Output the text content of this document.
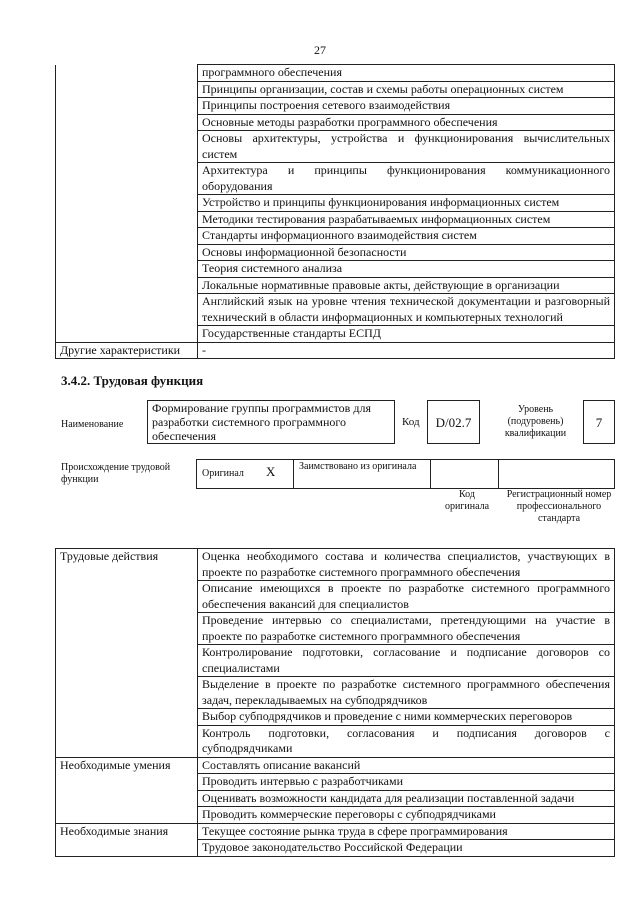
27
	программного обеспечения
	Принципы организации, состав и схемы работы операционных систем
	Принципы построения сетевого взаимодействия
	Основные методы разработки программного обеспечения
	Основы архитектуры, устройства и функционирования вычислительных систем
	Архитектура и принципы функционирования коммуникационного оборудования
	Устройство и принципы функционирования информационных систем
	Методики тестирования разрабатываемых информационных систем
	Стандарты информационного взаимодействия систем
	Основы информационной безопасности
	Теория системного анализа
	Локальные нормативные правовые акты, действующие в организации
	Английский язык на уровне чтения технической документации и разговорный технический в области информационных и компьютерных технологий
	Государственные стандарты ЕСПД
Другие характеристики	-
3.4.2. Трудовая функция
Наименование
Формирование группы программистов для разработки системного программного обеспечения
Код	D/02.7
Уровень (подуровень) квалификации
7
Происхождение трудовой функции
Оригинал X Заимствовано из оригинала
Код оригинала
Регистрационный номер профессионального стандарта
Трудовые действия	Оценка необходимого состава и количества специалистов, участвующих в проекте по разработке системного программного обеспечения
	Описание имеющихся в проекте по разработке системного программного обеспечения вакансий для специалистов
	Проведение интервью со специалистами, претендующими на участие в проекте по разработке системного программного обеспечения
	Контролирование подготовки, согласование и подписание договоров со специалистами
	Выделение в проекте по разработке системного программного обеспечения задач, перекладываемых на субподрядчиков
	Выбор субподрядчиков и проведение с ними коммерческих переговоров
	Контроль подготовки, согласования и подписания договоров с субподрядчиками
Необходимые умения	Составлять описание вакансий
	Проводить интервью с разработчиками
	Оценивать возможности кандидата для реализации поставленной задачи
	Проводить коммерческие переговоры с субподрядчиками
Необходимые знания	Текущее состояние рынка труда в сфере программирования
	Трудовое законодательство Российской Федерации
